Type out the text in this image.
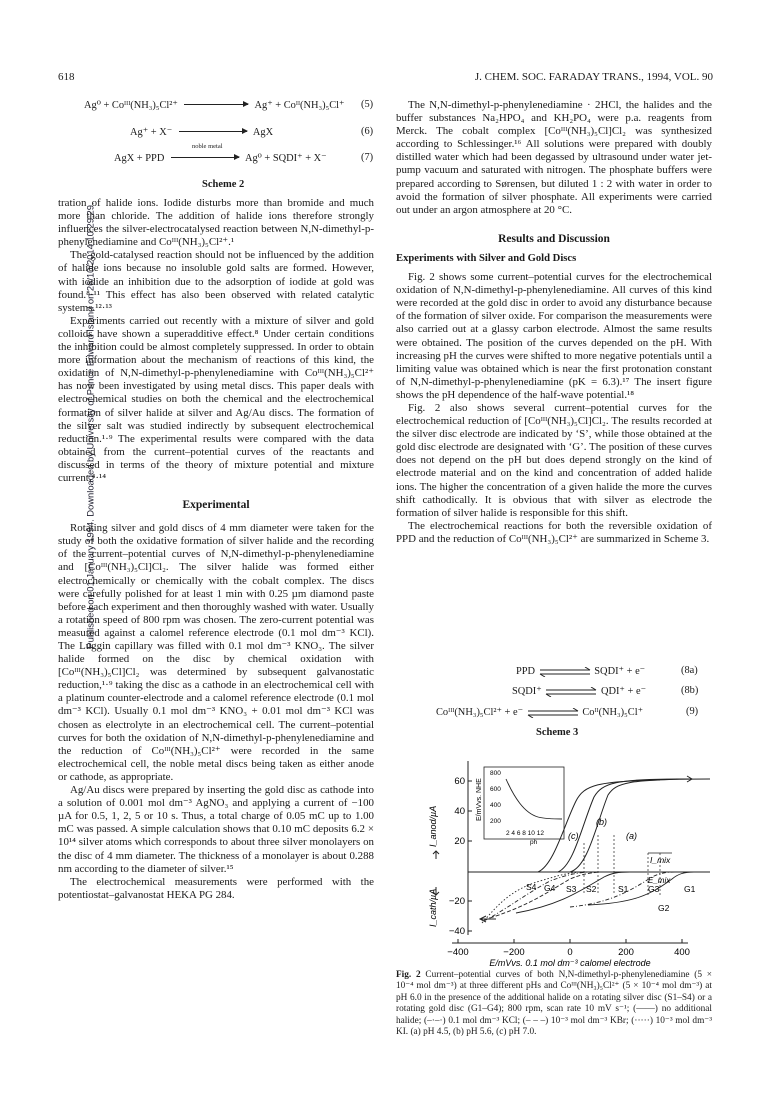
618	J. CHEM. SOC. FARADAY TRANS., 1994, VOL. 90
Published on 01 January 1994. Downloaded by University of Prince Edward Island on 26/10/2014 10:29:29.
Ag⁰ + Coᴵᴵᴵ(NH₃)₅Cl²⁺	Ag⁺ + Coᴵᴵ(NH₃)₅Cl⁺ (5)
Ag⁺ + X⁻	AgX	(6)
noble metal
AgX + PPD	Ag⁰ + SQDI⁺ + X⁻	(7)
Scheme 2

tration of halide ions. Iodide disturbs more than bromide and much more than chloride. The addition of halide ions therefore strongly influences the silver-electrocatalysed reaction between N,N-dimethyl-p-phenylenediamine and Coᴵᴵᴵ(NH₃)₅Cl²⁺.¹

The gold-catalysed reaction should not be influenced by the addition of halide ions because no insoluble gold salts are formed. However, with iodide an inhibition due to the adsorption of iodide at gold was found.⁸·¹¹ This effect has also been observed with related catalytic systems.¹²·¹³

Experiments carried out recently with a mixture of silver and gold colloids have shown a superadditive effect.⁸ Under certain conditions the inhibition could be almost completely suppressed. In order to obtain more information about the mechanism of reactions of this kind, the oxidation of N,N-dimethyl-p-phenylenediamine with Coᴵᴵᴵ(NH₃)₅Cl²⁺ has now been investigated by using metal discs. This paper deals with electrochemical studies on both the chemical and the electrochemical formation of silver halide at silver and Ag/Au discs. The formation of the silver salt was studied indirectly by subsequent electrochemical reduction.¹·⁹ The experimental results were compared with the data obtained from the current–potential curves of the reactants and discussed in terms of the theory of mixture potential and mixture current.⁴·¹⁴

Experimental

Rotating silver and gold discs of 4 mm diameter were taken for the study of both the oxidative formation of silver halide and the recording of the current–potential curves of N,N-dimethyl-p-phenylenediamine and [Coᴵᴵᴵ(NH₃)₅Cl]Cl₂. The silver halide was formed either electrochemically or chemically with the cobalt complex. The discs were carefully polished for at least 1 min with 0.25 µm diamond paste before each experiment and then thoroughly washed with water. Usually a rotation speed of 800 rpm was chosen. The zero-current potential was measured against a calomel reference electrode (0.1 mol dm⁻³ KCl). The Luggin capillary was filled with 0.1 mol dm⁻³ KNO₃. The silver halide formed on the disc by chemical oxidation with [Coᴵᴵᴵ(NH₃)₅Cl]Cl₂ was determined by subsequent galvanostatic reduction,¹·⁹ taking the disc as a cathode in an electrochemical cell with a platinum counter-electrode and a calomel reference electrode (0.1 mol dm⁻³ KCl). Usually 0.1 mol dm⁻³ KNO₃ + 0.01 mol dm⁻³ KCl was chosen as electrolyte in an electrochemical cell. The current–potential curves for both the oxidation of N,N-dimethyl-p-phenylenediamine and the reduction of Coᴵᴵᴵ(NH₃)₅Cl²⁺ were recorded in the same electrochemical cell, the noble metal discs being taken as either anode or cathode, as appropriate.

Ag/Au discs were prepared by inserting the gold disc as cathode into a solution of 0.001 mol dm⁻³ AgNO₃ and applying a current of −100 µA for 0.5, 1, 2, 5 or 10 s. Thus, a total charge of 0.05 mC up to 1.00 mC was passed. A simple calculation shows that 0.10 mC deposits 6.2 × 10¹⁴ silver atoms which corresponds to about three silver monolayers on the disc of 4 mm diameter. The thickness of a monolayer is about 0.288 nm according to the diameter of silver.¹⁵

The electrochemical measurements were performed with the potentiostat–galvanostat HEKA PG 284.

The N,N-dimethyl-p-phenylenediamine · 2HCl, the halides and the buffer substances Na₂HPO₄ and KH₂PO₄ were p.a. reagents from Merck. The cobalt complex [Coᴵᴵᴵ(NH₃)₅Cl]Cl₂ was synthesized according to Schlessinger.¹⁶ All solutions were prepared with doubly distilled water which had been degassed by ultrasound under water jet-pump vacuum and saturated with nitrogen. The phosphate buffers were prepared according to Sørensen, but diluted 1 : 2 with water in order to avoid the formation of silver phosphate. All experiments were carried out under an argon atmosphere at 20 °C.

Results and Discussion
Experiments with Silver and Gold Discs

Fig. 2 shows some current–potential curves for the electrochemical oxidation of N,N-dimethyl-p-phenylenediamine. All curves of this kind were recorded at the gold disc in order to avoid any disturbance because of the formation of silver oxide. For comparison the measurements were also carried out at a glassy carbon electrode. Almost the same results were obtained. The position of the curves depended on the pH. With increasing pH the curves were shifted to more negative potentials until a limiting value was obtained which is near the first protonation constant of N,N-dimethyl-p-phenylenediamine (pK = 6.3).¹⁷ The insert figure shows the pH dependence of the half-wave potential.¹⁸

Fig. 2 also shows several current–potential curves for the electrochemical reduction of [Coᴵᴵᴵ(NH₃)₅Cl]Cl₂. The results recorded at the silver disc electrode are indicated by ‘S’, while those obtained at the gold disc electrode are designated with ‘G’. The position of these curves does not depend on the pH but does depend strongly on the kind of electrode material and on the kind and concentration of added halide ions. The higher the concentration of a given halide the more the curves shift cathodically. It is obvious that with silver as electrode the formation of silver halide is responsible for this shift.

The electrochemical reactions for both the reversible oxidation of PPD and the reduction of Coᴵᴵᴵ(NH₃)₅Cl²⁺ are summarized in Scheme 3.

PPD	SQDI⁺ + e⁻	(8a)
SQDI⁺	QDI⁺ + e⁻	(8b)
Coᴵᴵᴵ(NH₃)₅Cl²⁺ + e⁻	Coᴵᴵ(NH₃)₅Cl⁺	(9)
Scheme 3
60
40
20
−20
−40
I_anod/µA
I_cath/µA
−400	−200	0	200	400
E/mVvs. 0.1 mol dm⁻³ calomel electrode
E/mVvs. NHE
800
600
400
200
2 4 6 8 10 12
ph
(a)
(b)
(c)
I_mix
E_mix
S4 G4 S3 S2	S1 G3	G1
G2
Fig. 2 Current–potential curves of both N,N-dimethyl-p-phenylenediamine (5 × 10⁻⁴ mol dm⁻³) at three different pHs and Coᴵᴵᴵ(NH₃)₅Cl²⁺ (5 × 10⁻⁴ mol dm⁻³) at pH 6.0 in the presence of the additional halide on a rotating silver disc (S1–S4) or a rotating gold disc (G1–G4); 800 rpm, scan rate 10 mV s⁻¹; (——) no additional halide; (–·–·) 0.1 mol dm⁻³ KCl; (– – –) 10⁻³ mol dm⁻³ KBr; (·····) 10⁻³ mol dm⁻³ KI. (a) pH 4.5, (b) pH 5.6, (c) pH 7.0.
